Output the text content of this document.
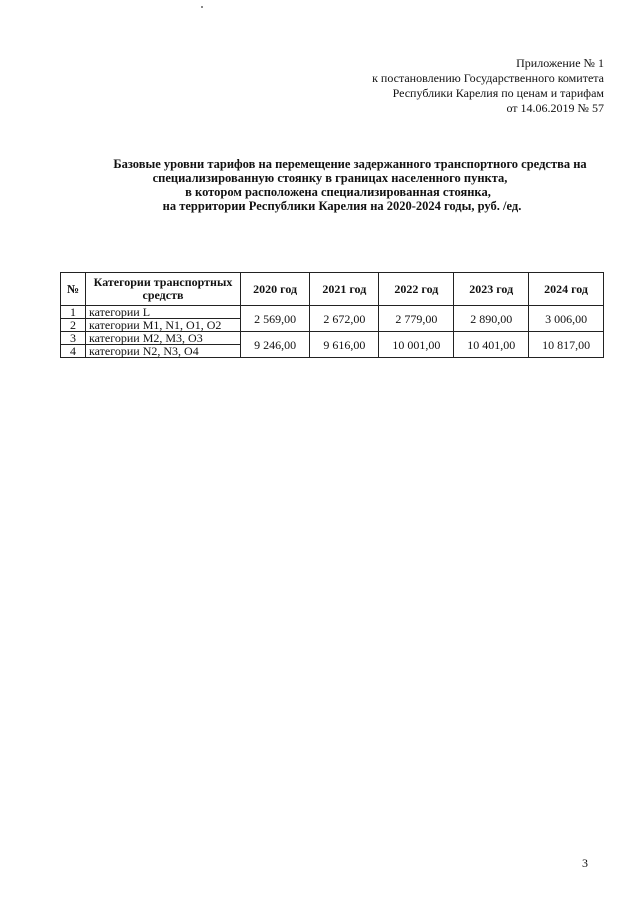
Приложение № 1
к постановлению Государственного комитета
Республики Карелия по ценам и тарифам
от 14.06.2019 № 57
Базовые уровни тарифов на перемещение задержанного транспортного средства на
специализированную стоянку в границах населенного пункта,
в котором расположена специализированная стоянка,
на территории Республики Карелия на 2020-2024 годы, руб. /ед.
№	Категории транспортных средств	2020 год	2021 год	2022 год	2023 год	2024 год
1	категории L	2 569,00	2 672,00	2 779,00	2 890,00	3 006,00
2	категории M1, N1, O1, O2					
3	категории M2, M3, O3	9 246,00	9 616,00	10 001,00	10 401,00	10 817,00
4	категории N2, N3, O4					
3
